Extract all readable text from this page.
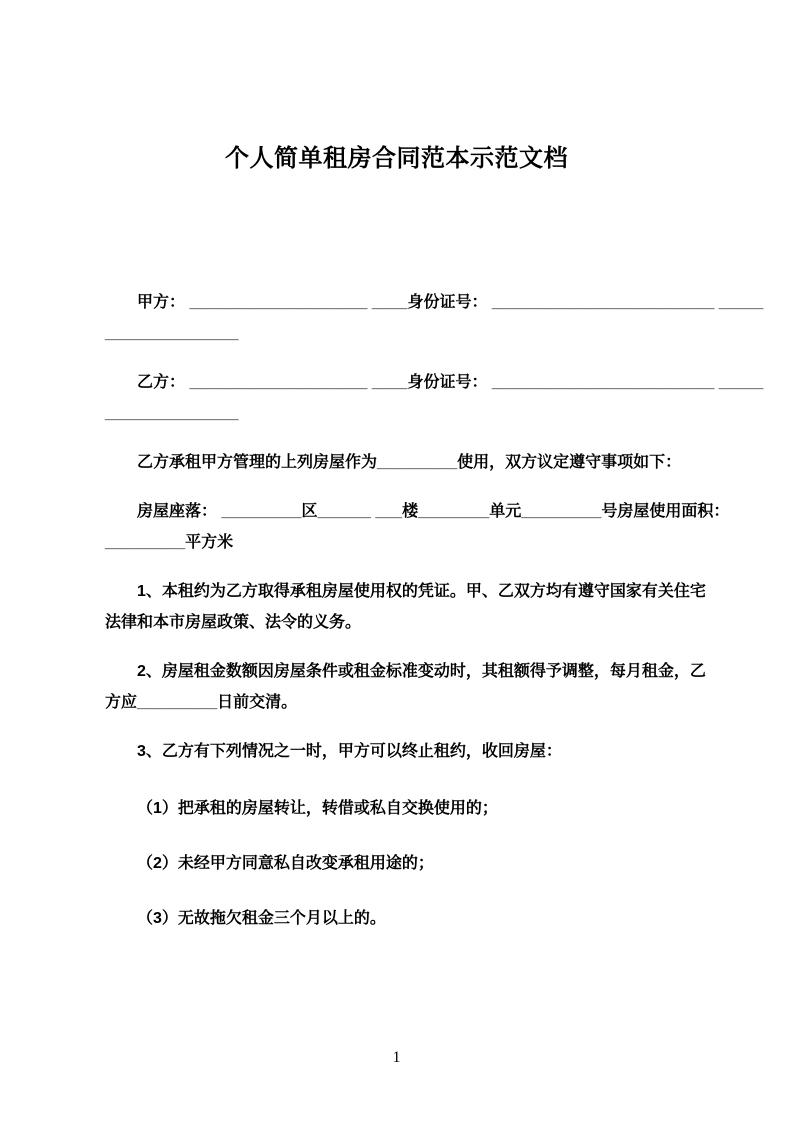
个人简单租房合同范本示范文档

甲方： ____________________ ____身份证号： _________________________ _____
_______________

乙方： ____________________ ____身份证号： _________________________ _____
_______________

乙方承租甲方管理的上列房屋作为_________使用，双方议定遵守事项如下：

房屋座落： _________区______ ___楼________单元_________号房屋使用面积：
_________平方米

1、本租约为乙方取得承租房屋使用权的凭证。甲、乙双方均有遵守国家有关住宅
法律和本市房屋政策、法令的义务。

2、房屋租金数额因房屋条件或租金标准变动时，其租额得予调整，每月租金，乙
方应_________日前交清。

3、乙方有下列情况之一时，甲方可以终止租约，收回房屋：

（1）把承租的房屋转让，转借或私自交换使用的；

（2）未经甲方同意私自改变承租用途的；

（3）无故拖欠租金三个月以上的。

1
